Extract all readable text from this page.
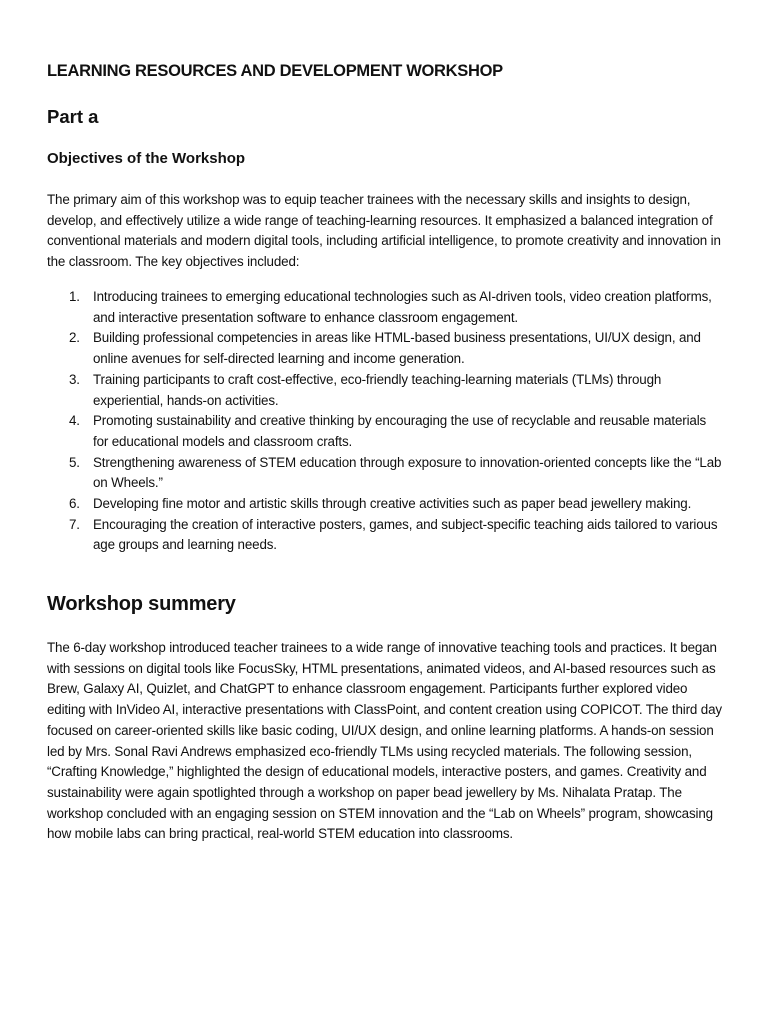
LEARNING RESOURCES AND DEVELOPMENT WORKSHOP
Part a
Objectives of the Workshop

The primary aim of this workshop was to equip teacher trainees with the necessary skills and insights to design, develop, and effectively utilize a wide range of teaching-learning resources. It emphasized a balanced integration of conventional materials and modern digital tools, including artificial intelligence, to promote creativity and innovation in the classroom. The key objectives included:

1. Introducing trainees to emerging educational technologies such as AI-driven tools, video creation platforms, and interactive presentation software to enhance classroom engagement.
2. Building professional competencies in areas like HTML-based business presentations, UI/UX design, and online avenues for self-directed learning and income generation.
3. Training participants to craft cost-effective, eco-friendly teaching-learning materials (TLMs) through experiential, hands-on activities.
4. Promoting sustainability and creative thinking by encouraging the use of recyclable and reusable materials for educational models and classroom crafts.
5. Strengthening awareness of STEM education through exposure to innovation-oriented concepts like the “Lab on Wheels.”
6. Developing fine motor and artistic skills through creative activities such as paper bead jewellery making.
7. Encouraging the creation of interactive posters, games, and subject-specific teaching aids tailored to various age groups and learning needs.
Workshop summery

The 6-day workshop introduced teacher trainees to a wide range of innovative teaching tools and practices. It began with sessions on digital tools like FocusSky, HTML presentations, animated videos, and AI-based resources such as Brew, Galaxy AI, Quizlet, and ChatGPT to enhance classroom engagement. Participants further explored video editing with InVideo AI, interactive presentations with ClassPoint, and content creation using COPICOT. The third day focused on career-oriented skills like basic coding, UI/UX design, and online learning platforms. A hands-on session led by Mrs. Sonal Ravi Andrews emphasized eco-friendly TLMs using recycled materials. The following session, “Crafting Knowledge,” highlighted the design of educational models, interactive posters, and games. Creativity and sustainability were again spotlighted through a workshop on paper bead jewellery by Ms. Nihalata Pratap. The workshop concluded with an engaging session on STEM innovation and the “Lab on Wheels” program, showcasing how mobile labs can bring practical, real-world STEM education into classrooms.
